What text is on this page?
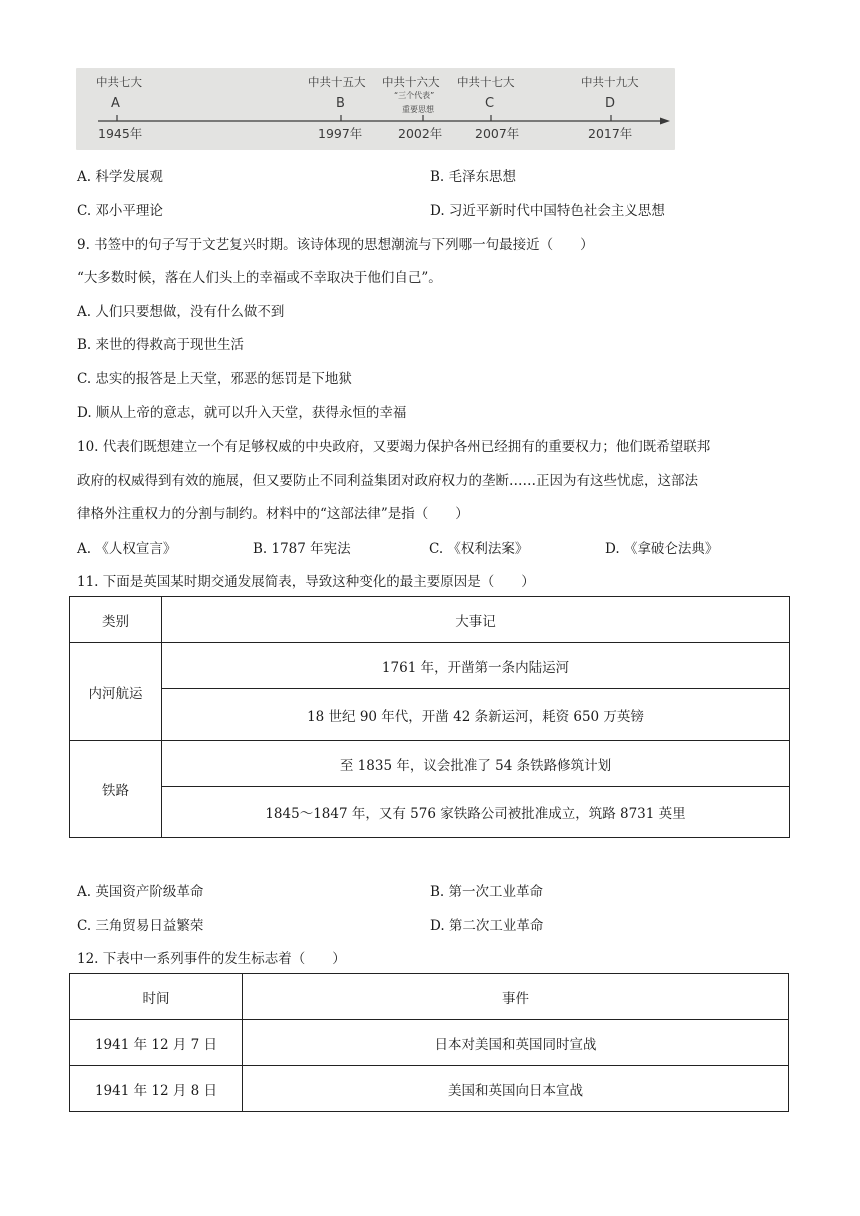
中共七大	中共十五大 中共十六大
“三个代表”
重要思想
中共十七大	中共十九大
A	B	C	D
1945年	1997年	2002年	2007年	2017年
A. 科学发展观	B. 毛泽东思想
C. 邓小平理论	D. 习近平新时代中国特色社会主义思想
9. 书签中的句子写于文艺复兴时期。该诗体现的思想潮流与下列哪一句最接近（　　）
“大多数时候，落在人们头上的幸福或不幸取决于他们自己”。
A. 人们只要想做，没有什么做不到
B. 来世的得救高于现世生活
C. 忠实的报答是上天堂，邪恶的惩罚是下地狱
D. 顺从上帝的意志，就可以升入天堂，获得永恒的幸福
10. 代表们既想建立一个有足够权威的中央政府，又要竭力保护各州已经拥有的重要权力；他们既希望联邦
政府的权威得到有效的施展，但又要防止不同利益集团对政府权力的垄断……正因为有这些忧虑，这部法
律格外注重权力的分割与制约。材料中的“这部法律”是指（　　）
A. 《人权宣言》	B. 1787 年宪法	C. 《权利法案》	D. 《拿破仑法典》
11. 下面是英国某时期交通发展简表，导致这种变化的最主要原因是（　　）
类别	大事记
内河航运	1761 年，开凿第一条内陆运河
	18 世纪 90 年代，开凿 42 条新运河，耗资 650 万英镑
铁路	至 1835 年，议会批准了 54 条铁路修筑计划
	1845～1847 年，又有 576 家铁路公司被批准成立，筑路 8731 英里
A. 英国资产阶级革命	B. 第一次工业革命
C. 三角贸易日益繁荣	D. 第二次工业革命
12. 下表中一系列事件的发生标志着（　　）
时间	事件
1941 年 12 月 7 日	日本对美国和英国同时宣战
1941 年 12 月 8 日	美国和英国向日本宣战
